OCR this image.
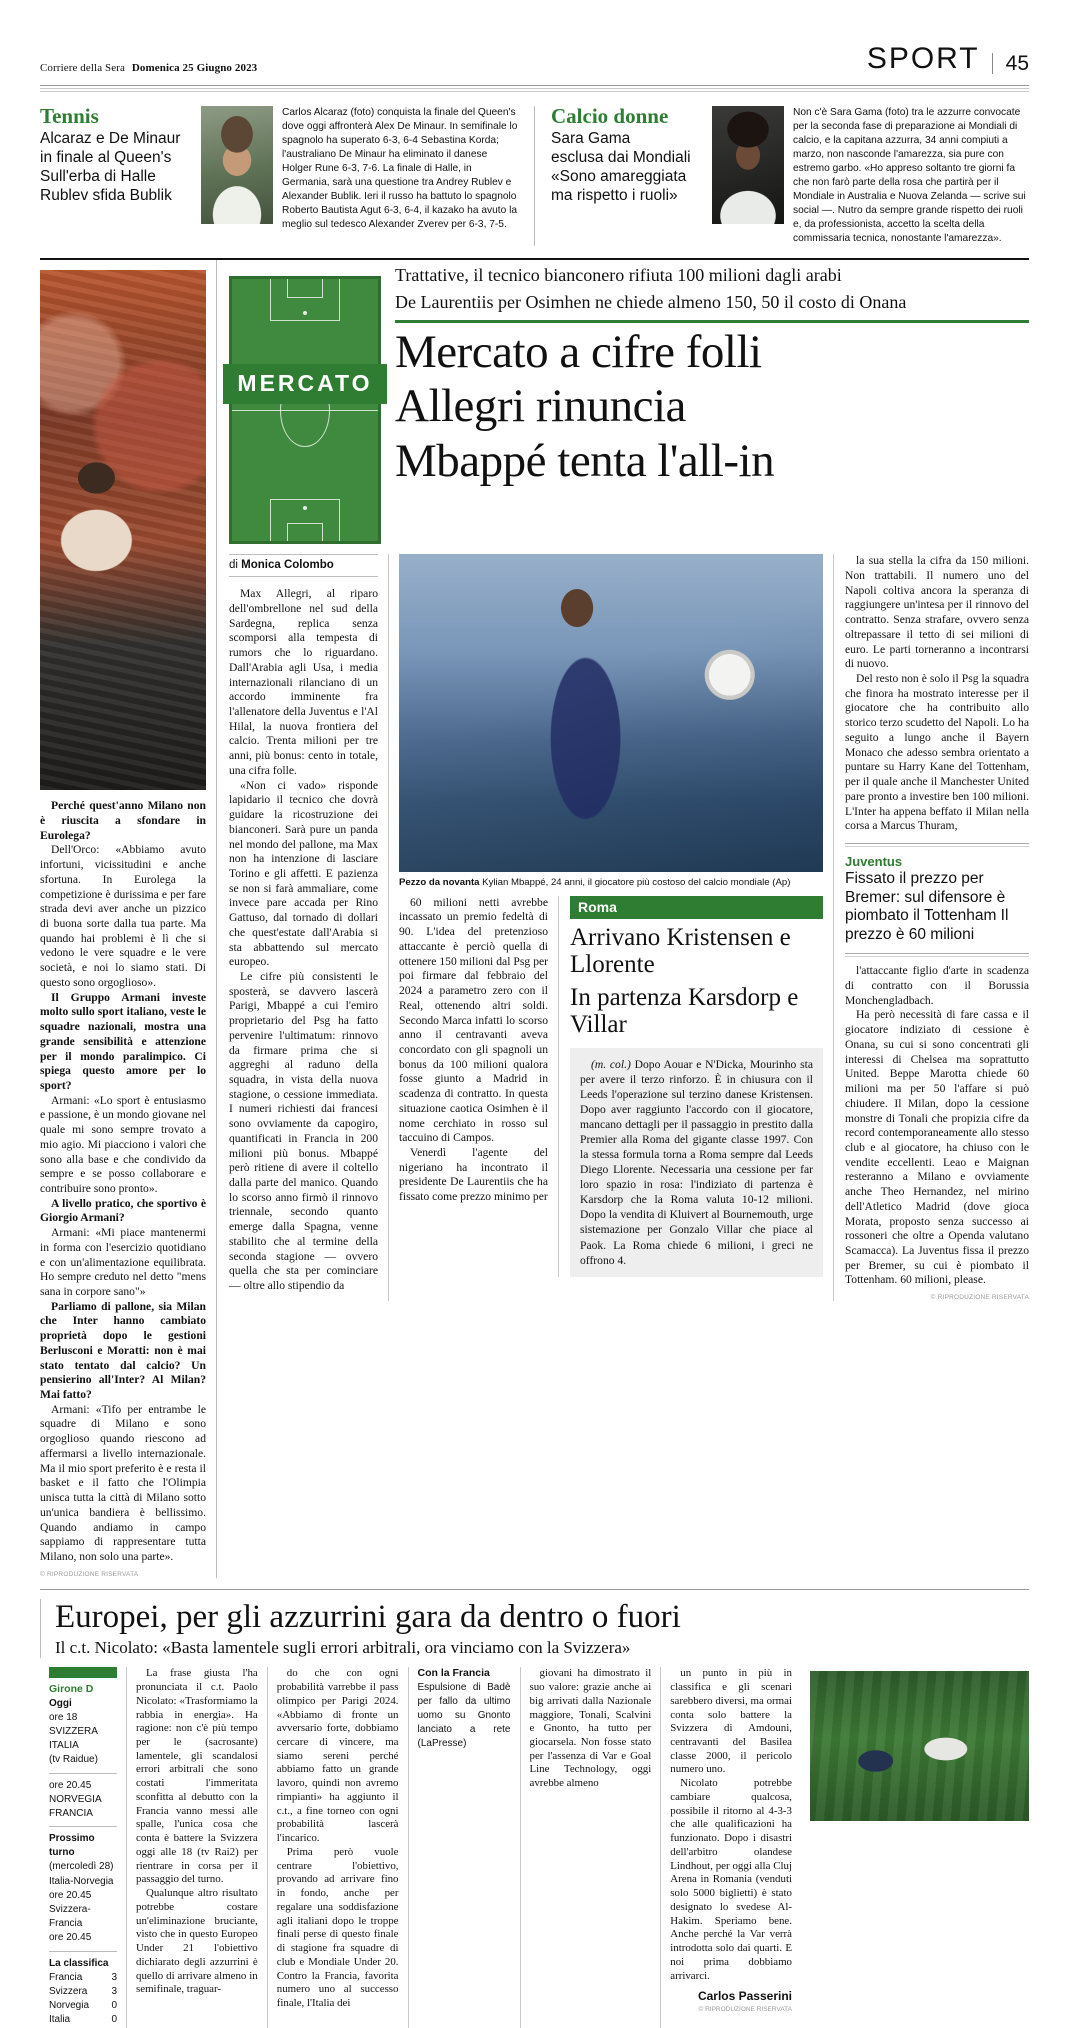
Corriere della Sera Domenica 25 Giugno 2023	SPORT	45
Tennis
Alcaraz e De Minaur
in finale al Queen's
Sull'erba di Halle
Rublev sfida Bublik
Carlos Alcaraz (foto) conquista la finale del Queen's dove oggi affronterà Alex De Minaur. In semifinale lo spagnolo ha superato 6-3, 6-4 Sebastina Korda; l'australiano De Minaur ha eliminato il danese Holger Rune 6-3, 7-6. La finale di Halle, in Germania, sarà una questione tra Andrey Rublev e Alexander Bublik. Ieri il russo ha battuto lo spagnolo Roberto Bautista Agut 6-3, 6-4, il kazako ha avuto la meglio sul tedesco Alexander Zverev per 6-3, 7-5.
Calcio donne
Sara Gama
esclusa dai Mondiali
«Sono amareggiata
ma rispetto i ruoli»
Non c'è Sara Gama (foto) tra le azzurre convocate per la seconda fase di preparazione ai Mondiali di calcio, e la capitana azzurra, 34 anni compiuti a marzo, non nasconde l'amarezza, sia pure con estremo garbo. «Ho appreso soltanto tre giorni fa che non farò parte della rosa che partirà per il Mondiale in Australia e Nuova Zelanda — scrive sui social —. Nutro da sempre grande rispetto dei ruoli e, da professionista, accetto la scelta della commissaria tecnica, nonostante l'amarezza».

Perché quest'anno Milano non è riuscita a sfondare in Eurolega?

Dell'Orco: «Abbiamo avuto infortuni, vicissitudini e anche sfortuna. In Eurolega la competizione è durissima e per fare strada devi aver anche un pizzico di buona sorte dalla tua parte. Ma quando hai problemi è lì che si vedono le vere squadre e le vere società, e noi lo siamo stati. Di questo sono orgoglioso».

Il Gruppo Armani investe molto sullo sport italiano, veste le squadre nazionali, mostra una grande sensibilità e attenzione per il mondo paralimpico. Ci spiega questo amore per lo sport?

Armani: «Lo sport è entusiasmo e passione, è un mondo giovane nel quale mi sono sempre trovato a mio agio. Mi piacciono i valori che sono alla base e che condivido da sempre e se posso collaborare e contribuire sono pronto».

A livello pratico, che sportivo è Giorgio Armani?

Armani: «Mi piace mantenermi in forma con l'esercizio quotidiano e con un'alimentazione equilibrata. Ho sempre creduto nel detto "mens sana in corpore sano"»

Parliamo di pallone, sia Milan che Inter hanno cambiato proprietà dopo le gestioni Berlusconi e Moratti: non è mai stato tentato dal calcio? Un pensierino all'Inter? Al Milan? Mai fatto?

Armani: «Tifo per entrambe le squadre di Milano e sono orgoglioso quando riescono ad affermarsi a livello internazionale. Ma il mio sport preferito è e resta il basket e il fatto che l'Olimpia unisca tutta la città di Milano sotto un'unica bandiera è bellissimo. Quando andiamo in campo sappiamo di rappresentare tutta Milano, non solo una parte».

© RIPRODUZIONE RISERVATA
MERCATO
Trattative, il tecnico bianconero rifiuta 100 milioni dagli arabi
De Laurentiis per Osimhen ne chiede almeno 150, 50 il costo di Onana
Mercato a cifre folli
Allegri rinuncia
Mbappé tenta l'all-in
di Monica Colombo

Max Allegri, al riparo dell'ombrellone nel sud della Sardegna, replica senza scomporsi alla tempesta di rumors che lo riguardano. Dall'Arabia agli Usa, i media internazionali rilanciano di un accordo imminente fra l'allenatore della Juventus e l'Al Hilal, la nuova frontiera del calcio. Trenta milioni per tre anni, più bonus: cento in totale, una cifra folle.

«Non ci vado» risponde lapidario il tecnico che dovrà guidare la ricostruzione dei bianconeri. Sarà pure un panda nel mondo del pallone, ma Max non ha intenzione di lasciare Torino e gli affetti. E pazienza se non si farà ammaliare, come invece pare accada per Rino Gattuso, dal tornado di dollari che quest'estate dall'Arabia si sta abbattendo sul mercato europeo.

Le cifre più consistenti le sposterà, se davvero lascerà Parigi, Mbappé a cui l'emiro proprietario del Psg ha fatto pervenire l'ultimatum: rinnovo da firmare prima che si aggreghi al raduno della squadra, in vista della nuova stagione, o cessione immediata. I numeri richiesti dai francesi sono ovviamente da capogiro, quantificati in Francia in 200 milioni più bonus. Mbappé però ritiene di avere il coltello dalla parte del manico. Quando lo scorso anno firmò il rinnovo triennale, secondo quanto emerge dalla Spagna, venne stabilito che al termine della seconda stagione — ovvero quella che sta per cominciare — oltre allo stipendio da

Pezzo da novanta Kylian Mbappé, 24 anni, il giocatore più costoso del calcio mondiale (Ap)

60 milioni netti avrebbe incassato un premio fedeltà di 90. L'idea del pretenzioso attaccante è perciò quella di ottenere 150 milioni dal Psg per poi firmare dal febbraio del 2024 a parametro zero con il Real, ottenendo altri soldi. Secondo Marca infatti lo scorso anno il centravanti aveva concordato con gli spagnoli un bonus da 100 milioni qualora fosse giunto a Madrid in scadenza di contratto. In questa situazione caotica Osimhen è il nome cerchiato in rosso sul taccuino di Campos.

Venerdì l'agente del nigeriano ha incontrato il presidente De Laurentiis che ha fissato come prezzo minimo per

Roma
Arrivano Kristensen e Llorente
In partenza Karsdorp e Villar

(m. col.) Dopo Aouar e N'Dicka, Mourinho sta per avere il terzo rinforzo. È in chiusura con il Leeds l'operazione sul terzino danese Kristensen. Dopo aver raggiunto l'accordo con il giocatore, mancano dettagli per il passaggio in prestito dalla Premier alla Roma del gigante classe 1997. Con la stessa formula torna a Roma sempre dal Leeds Diego Llorente. Necessaria una cessione per far loro spazio in rosa: l'indiziato di partenza è Karsdorp che la Roma valuta 10-12 milioni. Dopo la vendita di Kluivert al Bournemouth, urge sistemazione per Gonzalo Villar che piace al Paok. La Roma chiede 6 milioni, i greci ne offrono 4.

la sua stella la cifra da 150 milioni. Non trattabili. Il numero uno del Napoli coltiva ancora la speranza di raggiungere un'intesa per il rinnovo del contratto. Senza strafare, ovvero senza oltrepassare il tetto di sei milioni di euro. Le parti torneranno a incontrarsi di nuovo.

Del resto non è solo il Psg la squadra che finora ha mostrato interesse per il giocatore che ha contribuito allo storico terzo scudetto del Napoli. Lo ha seguito a lungo anche il Bayern Monaco che adesso sembra orientato a puntare su Harry Kane del Tottenham, per il quale anche il Manchester United pare pronto a investire ben 100 milioni. L'Inter ha appena beffato il Milan nella corsa a Marcus Thuram,

Juventus
Fissato il prezzo per Bremer: sul difensore è piombato il Tottenham Il prezzo è 60 milioni

l'attaccante figlio d'arte in scadenza di contratto con il Borussia Monchengladbach.

Ha però necessità di fare cassa e il giocatore indiziato di cessione è Onana, su cui si sono concentrati gli interessi di Chelsea ma soprattutto United. Beppe Marotta chiede 60 milioni ma per 50 l'affare si può chiudere. Il Milan, dopo la cessione monstre di Tonali che propizia cifre da record contemporaneamente allo stesso club e al giocatore, ha chiuso con le vendite eccellenti. Leao e Maignan resteranno a Milano e ovviamente anche Theo Hernandez, nel mirino dell'Atletico Madrid (dove gioca Morata, proposto senza successo ai rossoneri che oltre a Openda valutano Scamacca). La Juventus fissa il prezzo per Bremer, su cui è piombato il Tottenham. 60 milioni, please.

© RIPRODUZIONE RISERVATA
Europei, per gli azzurrini gara da dentro o fuori
Il c.t. Nicolato: «Basta lamentele sugli errori arbitrali, ora vinciamo con la Svizzera»
Girone D
Oggi
ore 18
SVIZZERA
ITALIA
(tv Raidue)
ore 20.45
NORVEGIA
FRANCIA
Prossimo turno
(mercoledì 28)
Italia-Norvegia
ore 20.45
Svizzera-Francia
ore 20.45
La classifica
Francia	3
Svizzera 3
Norvegia 0
Italia	0

La frase giusta l'ha pronunciata il c.t. Paolo Nicolato: «Trasformiamo la rabbia in energia». Ha ragione: non c'è più tempo per le (sacrosante) lamentele, gli scandalosi errori arbitrali che sono costati l'immeritata sconfitta al debutto con la Francia vanno messi alle spalle, l'unica cosa che conta è battere la Svizzera oggi alle 18 (tv Rai2) per rientrare in corsa per il passaggio del turno.

Qualunque altro risultato potrebbe costare un'eliminazione bruciante, visto che in questo Europeo Under 21 l'obiettivo dichiarato degli azzurrini è quello di arrivare almeno in semifinale, traguar-

do che con ogni probabilità varrebbe il pass olimpico per Parigi 2024. «Abbiamo di fronte un avversario forte, dobbiamo cercare di vincere, ma siamo sereni perché abbiamo fatto un grande lavoro, quindi non avremo rimpianti» ha aggiunto il c.t., a fine torneo con ogni probabilità lascerà l'incarico.

Prima però vuole centrare l'obiettivo, provando ad arrivare fino in fondo, anche per regalare una soddisfazione agli italiani dopo le troppe finali perse di questo finale di stagione fra squadre di club e Mondiale Under 20. Contro la Francia, favorita numero uno al successo finale, l'Italia dei

Con la Francia
Espulsione di Badè per fallo da ultimo uomo su Gnonto lanciato a rete (LaPresse)

giovani ha dimostrato il suo valore: grazie anche ai big arrivati dalla Nazionale maggiore, Tonali, Scalvini e Gnonto, ha tutto per giocarsela. Non fosse stato per l'assenza di Var e Goal Line Technology, oggi avrebbe almeno

un punto in più in classifica e gli scenari sarebbero diversi, ma ormai conta solo battere la Svizzera di Amdouni, centravanti del Basilea classe 2000, il pericolo numero uno.

Nicolato potrebbe cambiare qualcosa, possibile il ritorno al 4-3-3 che alle qualificazioni ha funzionato. Dopo i disastri dell'arbitro olandese Lindhout, per oggi alla Cluj Arena in Romania (venduti solo 5000 biglietti) è stato designato lo svedese Al-Hakim. Speriamo bene. Anche perché la Var verrà introdotta solo dai quarti. E noi prima dobbiamo arrivarci.

Carlos Passerini
© RIPRODUZIONE RISERVATA
